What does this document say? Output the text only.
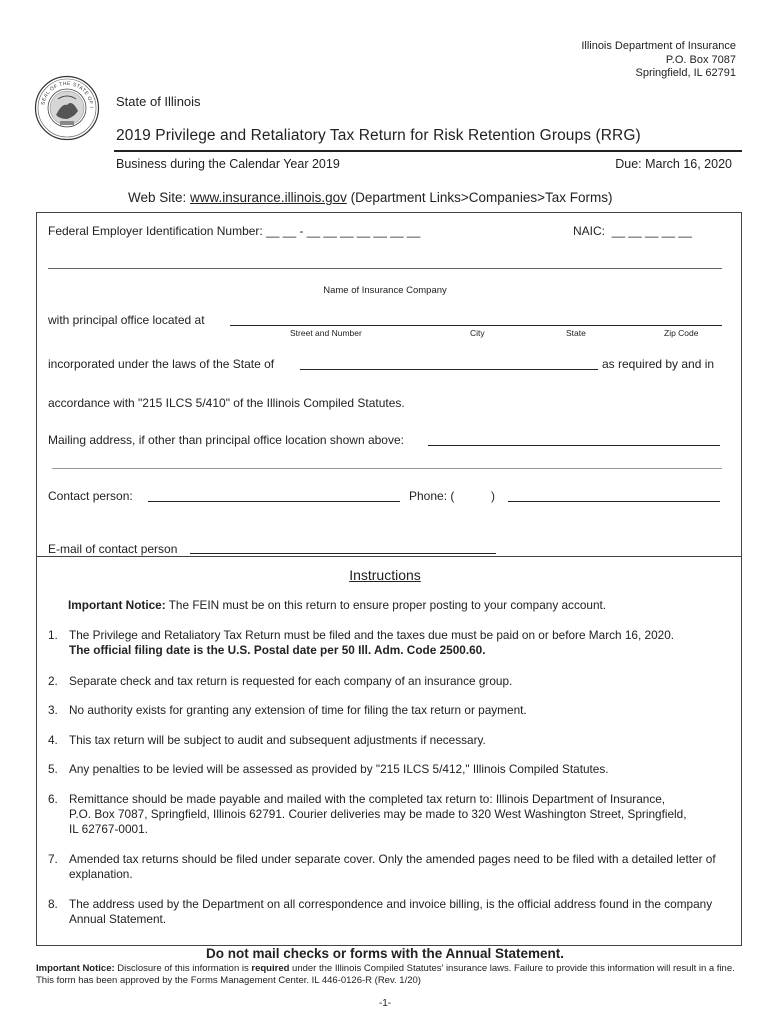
Illinois Department of Insurance
P.O. Box 7087
Springfield, IL 62791
SEAL OF THE STATE OF I State of Illinois
2019 Privilege and Retaliatory Tax Return for Risk Retention Groups (RRG)
Business during the Calendar Year 2019	Due: March 16, 2020
Web Site: www.insurance.illinois.gov (Department Links>Companies>Tax Forms)
Federal Employer Identification Number: __ __ - __ __ __ __ __ __ __	NAIC: __ __ __ __ __
Name of Insurance Company
with principal office located at
Street and Number	City	State	Zip Code
incorporated under the laws of the State of	as required by and in
accordance with "215 ILCS 5/410" of the Illinois Compiled Statutes.
Mailing address, if other than principal office location shown above:
Contact person:	Phone: (	)
E-mail of contact person
Instructions
Important Notice: The FEIN must be on this return to ensure proper posting to your company account.
1. The Privilege and Retaliatory Tax Return must be filed and the taxes due must be paid on or before March 16, 2020.
The official filing date is the U.S. Postal date per 50 Ill. Adm. Code 2500.60.
2. Separate check and tax return is requested for each company of an insurance group.
3. No authority exists for granting any extension of time for filing the tax return or payment.
4. This tax return will be subject to audit and subsequent adjustments if necessary.
5. Any penalties to be levied will be assessed as provided by "215 ILCS 5/412," Illinois Compiled Statutes.
6. Remittance should be made payable and mailed with the completed tax return to: Illinois Department of Insurance, P.O. Box 7087, Springfield, Illinois 62791. Courier deliveries may be made to 320 West Washington Street, Springfield, IL 62767-0001.
7. Amended tax returns should be filed under separate cover. Only the amended pages need to be filed with a detailed letter of explanation.
8. The address used by the Department on all correspondence and invoice billing, is the official address found in the company Annual Statement.
Do not mail checks or forms with the Annual Statement.
Important Notice: Disclosure of this information is required under the Illinois Compiled Statutes' insurance laws. Failure to provide this information will result in a fine. This form has been approved by the Forms Management Center. IL 446-0126-R (Rev. 1/20)
-1-
